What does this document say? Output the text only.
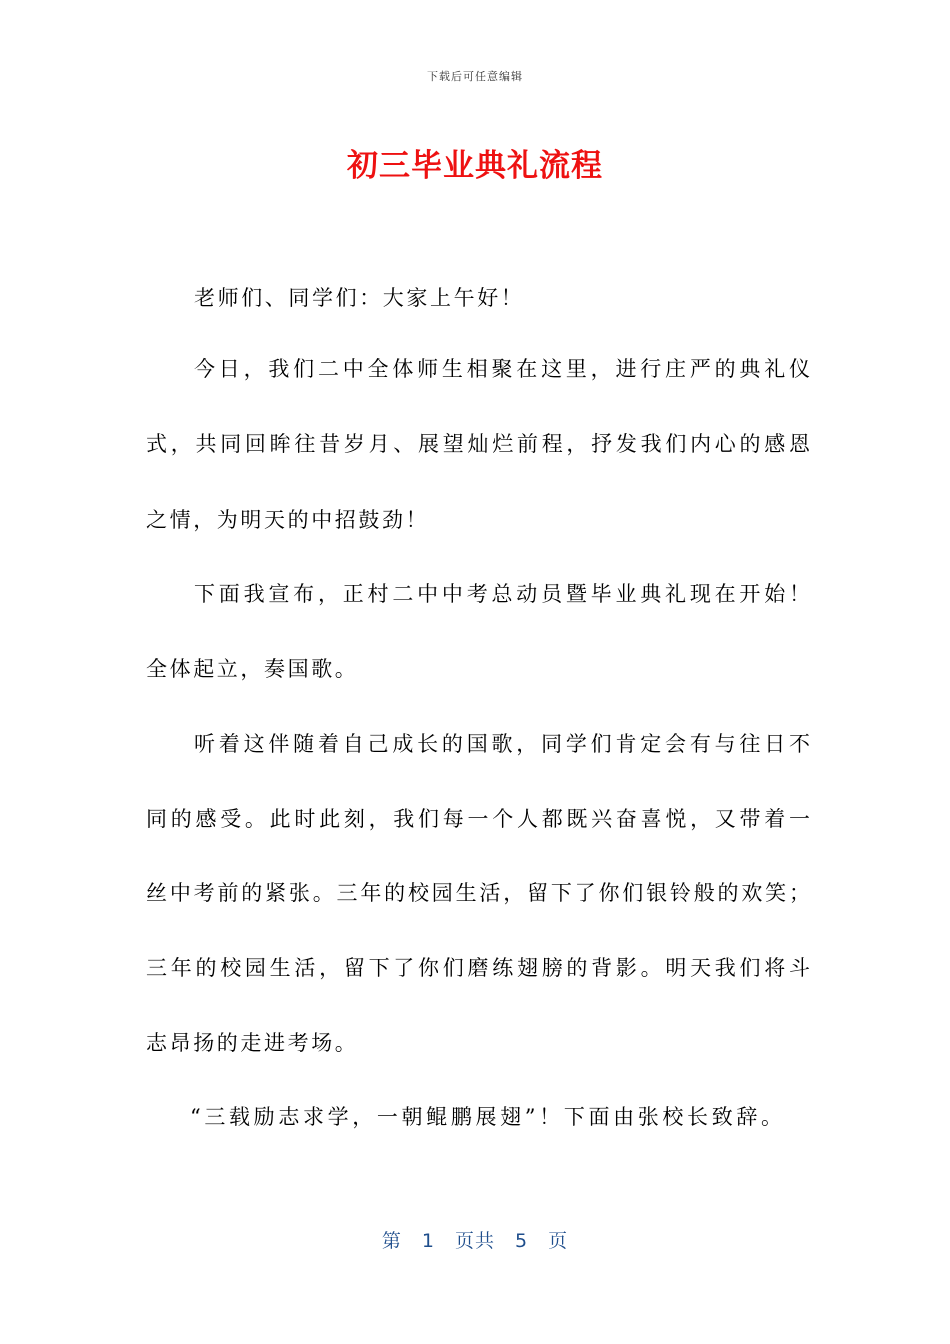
下载后可任意编辑
初三毕业典礼流程
老师们、同学们：大家上午好！
今日，我们二中全体师生相聚在这里，进行庄严的典礼仪
式，共同回眸往昔岁月、展望灿烂前程，抒发我们内心的感恩
之情，为明天的中招鼓劲！
下面我宣布，正村二中中考总动员暨毕业典礼现在开始！
全体起立，奏国歌。
听着这伴随着自己成长的国歌，同学们肯定会有与往日不
同的感受。此时此刻，我们每一个人都既兴奋喜悦，又带着一
丝中考前的紧张。三年的校园生活，留下了你们银铃般的欢笑；
三年的校园生活，留下了你们磨练翅膀的背影。明天我们将斗
志昂扬的走进考场。
“三载励志求学，一朝鲲鹏展翅”！下面由张校长致辞。
第 1 页共 5 页
